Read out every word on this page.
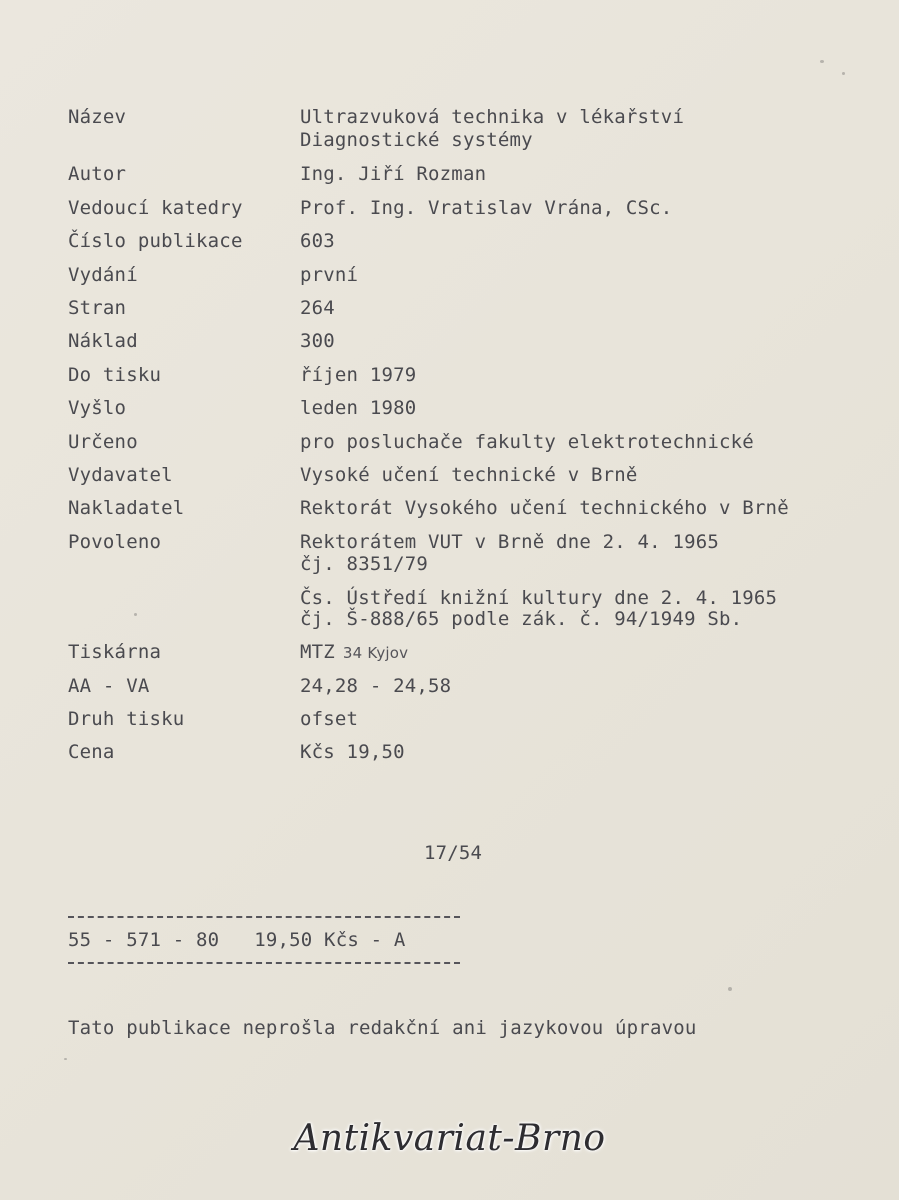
Název	Ultrazvuková technika v lékařství
Diagnostické systémy
Autor	Ing. Jiří Rozman
Vedoucí katedry	Prof. Ing. Vratislav Vrána, CSc.
Číslo publikace	603
Vydání	první
Stran	264
Náklad	300
Do tisku	říjen 1979
Vyšlo	leden 1980
Určeno	pro posluchače fakulty elektrotechnické
Vydavatel	Vysoké učení technické v Brně
Nakladatel	Rektorát Vysokého učení technického v Brně
Povoleno	Rektorátem VUT v Brně dne 2. 4. 1965
čj. 8351/79
Čs. Ústředí knižní kultury dne 2. 4. 1965
čj. Š-888/65 podle zák. č. 94/1949 Sb.
Tiskárna	MTZ 34 Kyjov
AA - VA	24,28 - 24,58
Druh tisku	ofset
Cena	Kčs 19,50
17/54
55 - 571 - 80   19,50 Kčs - A
Tato publikace neprošla redakční ani jazykovou úpravou
Antikvariat-Brno
